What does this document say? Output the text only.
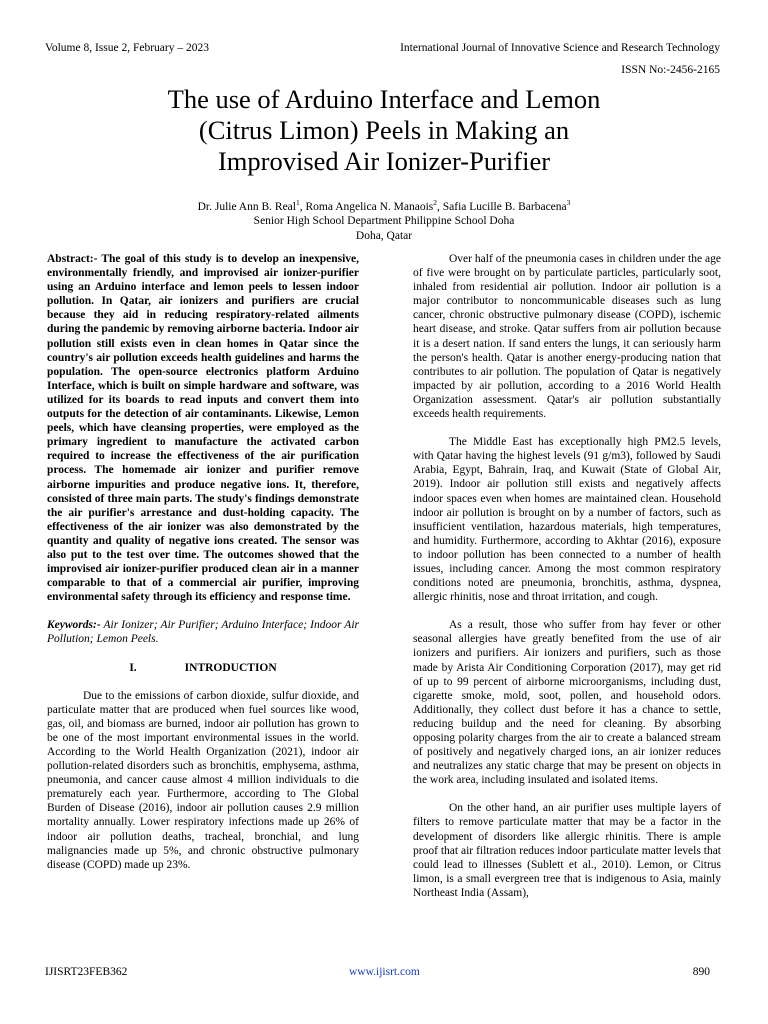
Volume 8, Issue 2, February – 2023	International Journal of Innovative Science and Research Technology
ISSN No:-2456-2165
The use of Arduino Interface and Lemon
(Citrus Limon) Peels in Making an
Improvised Air Ionizer-Purifier
Dr. Julie Ann B. Real$^1$, Roma Angelica N. Manaois$^2$, Safia Lucille B. Barbacena$^3$
Senior High School Department Philippine School Doha
Doha, Qatar

Abstract:- The goal of this study is to develop an inexpensive, environmentally friendly, and improvised air ionizer-purifier using an Arduino interface and lemon peels to lessen indoor pollution. In Qatar, air ionizers and purifiers are crucial because they aid in reducing respiratory-related ailments during the pandemic by removing airborne bacteria. Indoor air pollution still exists even in clean homes in Qatar since the country's air pollution exceeds health guidelines and harms the population. The open-source electronics platform Arduino Interface, which is built on simple hardware and software, was utilized for its boards to read inputs and convert them into outputs for the detection of air contaminants. Likewise, Lemon peels, which have cleansing properties, were employed as the primary ingredient to manufacture the activated carbon required to increase the effectiveness of the air purification process. The homemade air ionizer and purifier remove airborne impurities and produce negative ions. It, therefore, consisted of three main parts. The study's findings demonstrate the air purifier's arrestance and dust-holding capacity. The effectiveness of the air ionizer was also demonstrated by the quantity and quality of negative ions created. The sensor was also put to the test over time. The outcomes showed that the improvised air ionizer-purifier produced clean air in a manner comparable to that of a commercial air purifier, improving environmental safety through its efficiency and response time.

Keywords:- Air Ionizer; Air Purifier; Arduino Interface; Indoor Air Pollution; Lemon Peels.

I.	INTRODUCTION

Due to the emissions of carbon dioxide, sulfur dioxide, and particulate matter that are produced when fuel sources like wood, gas, oil, and biomass are burned, indoor air pollution has grown to be one of the most important environmental issues in the world. According to the World Health Organization (2021), indoor air pollution-related disorders such as bronchitis, emphysema, asthma, pneumonia, and cancer cause almost 4 million individuals to die prematurely each year. Furthermore, according to The Global Burden of Disease (2016), indoor air pollution causes 2.9 million mortality annually. Lower respiratory infections made up 26% of indoor air pollution deaths, tracheal, bronchial, and lung malignancies made up 5%, and chronic obstructive pulmonary disease (COPD) made up 23%.

Over half of the pneumonia cases in children under the age of five were brought on by particulate particles, particularly soot, inhaled from residential air pollution. Indoor air pollution is a major contributor to noncommunicable diseases such as lung cancer, chronic obstructive pulmonary disease (COPD), ischemic heart disease, and stroke. Qatar suffers from air pollution because it is a desert nation. If sand enters the lungs, it can seriously harm the person's health. Qatar is another energy-producing nation that contributes to air pollution. The population of Qatar is negatively impacted by air pollution, according to a 2016 World Health Organization assessment. Qatar's air pollution substantially exceeds health requirements.

The Middle East has exceptionally high PM2.5 levels, with Qatar having the highest levels (91 g/m3), followed by Saudi Arabia, Egypt, Bahrain, Iraq, and Kuwait (State of Global Air, 2019). Indoor air pollution still exists and negatively affects indoor spaces even when homes are maintained clean. Household indoor air pollution is brought on by a number of factors, such as insufficient ventilation, hazardous materials, high temperatures, and humidity. Furthermore, according to Akhtar (2016), exposure to indoor pollution has been connected to a number of health issues, including cancer. Among the most common respiratory conditions noted are pneumonia, bronchitis, asthma, dyspnea, allergic rhinitis, nose and throat irritation, and cough.

As a result, those who suffer from hay fever or other seasonal allergies have greatly benefited from the use of air ionizers and purifiers. Air ionizers and purifiers, such as those made by Arista Air Conditioning Corporation (2017), may get rid of up to 99 percent of airborne microorganisms, including dust, cigarette smoke, mold, soot, pollen, and household odors. Additionally, they collect dust before it has a chance to settle, reducing buildup and the need for cleaning. By absorbing opposing polarity charges from the air to create a balanced stream of positively and negatively charged ions, an air ionizer reduces and neutralizes any static charge that may be present on objects in the work area, including insulated and isolated items.

On the other hand, an air purifier uses multiple layers of filters to remove particulate matter that may be a factor in the development of disorders like allergic rhinitis. There is ample proof that air filtration reduces indoor particulate matter levels that could lead to illnesses (Sublett et al., 2010). Lemon, or Citrus limon, is a small evergreen tree that is indigenous to Asia, mainly Northeast India (Assam),

IJISRT23FEB362	www.ijisrt.com	890
